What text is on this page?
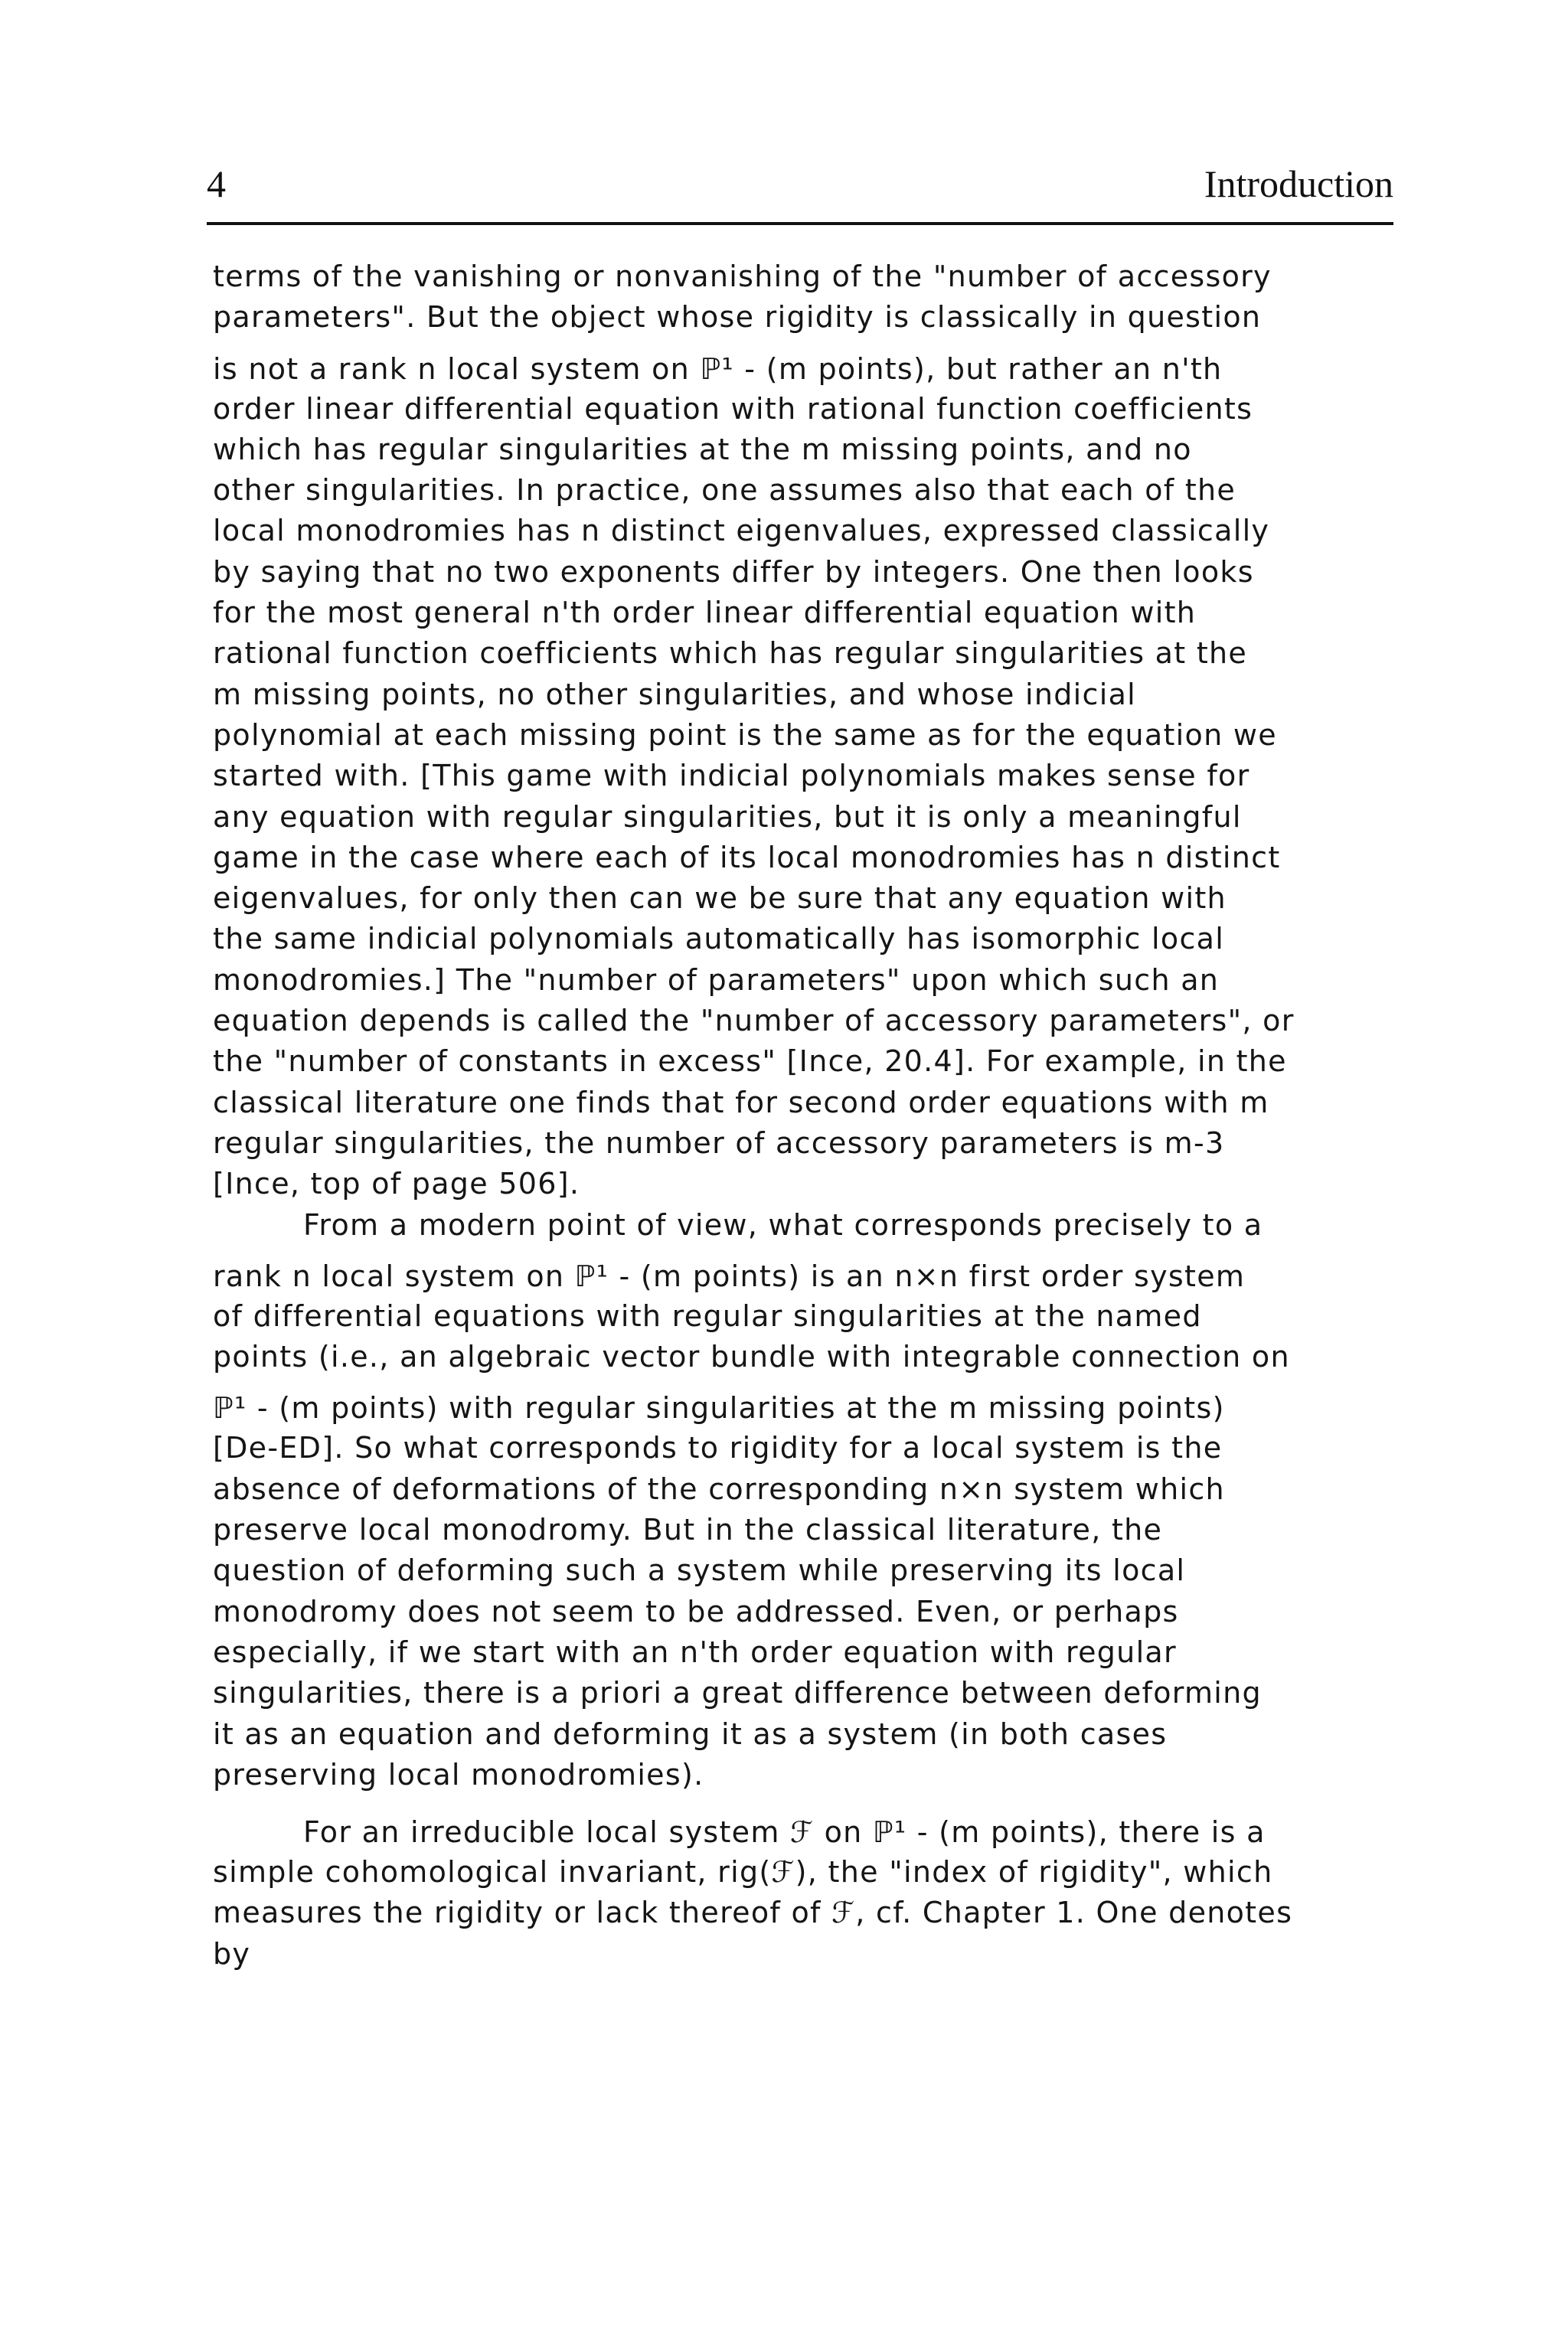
4	Introduction
terms of the vanishing or nonvanishing of the "number of accessory
parameters". But the object whose rigidity is classically in question
is not a rank n local system on ℙ¹ - (m points), but rather an n'th
order linear differential equation with rational function coefficients
which has regular singularities at the m missing points, and no
other singularities. In practice, one assumes also that each of the
local monodromies has n distinct eigenvalues, expressed classically
by saying that no two exponents differ by integers. One then looks
for the most general n'th order linear differential equation with
rational function coefficients which has regular singularities at the
m missing points, no other singularities, and whose indicial
polynomial at each missing point is the same as for the equation we
started with. [This game with indicial polynomials makes sense for
any equation with regular singularities, but it is only a meaningful
game in the case where each of its local monodromies has n distinct
eigenvalues, for only then can we be sure that any equation with
the same indicial polynomials automatically has isomorphic local
monodromies.] The "number of parameters" upon which such an
equation depends is called the "number of accessory parameters", or
the "number of constants in excess" [Ince, 20.4]. For example, in the
classical literature one finds that for second order equations with m
regular singularities, the number of accessory parameters is m-3
[Ince, top of page 506].
From a modern point of view, what corresponds precisely to a
rank n local system on ℙ¹ - (m points) is an n×n first order system
of differential equations with regular singularities at the named
points (i.e., an algebraic vector bundle with integrable connection on
ℙ¹ - (m points) with regular singularities at the m missing points)
[De-ED]. So what corresponds to rigidity for a local system is the
absence of deformations of the corresponding n×n system which
preserve local monodromy. But in the classical literature, the
question of deforming such a system while preserving its local
monodromy does not seem to be addressed. Even, or perhaps
especially, if we start with an n'th order equation with regular
singularities, there is a priori a great difference between deforming
it as an equation and deforming it as a system (in both cases
preserving local monodromies).
For an irreducible local system ℱ on ℙ¹ - (m points), there is a
simple cohomological invariant, rig(ℱ), the "index of rigidity", which
measures the rigidity or lack thereof of ℱ, cf. Chapter 1. One denotes
by
